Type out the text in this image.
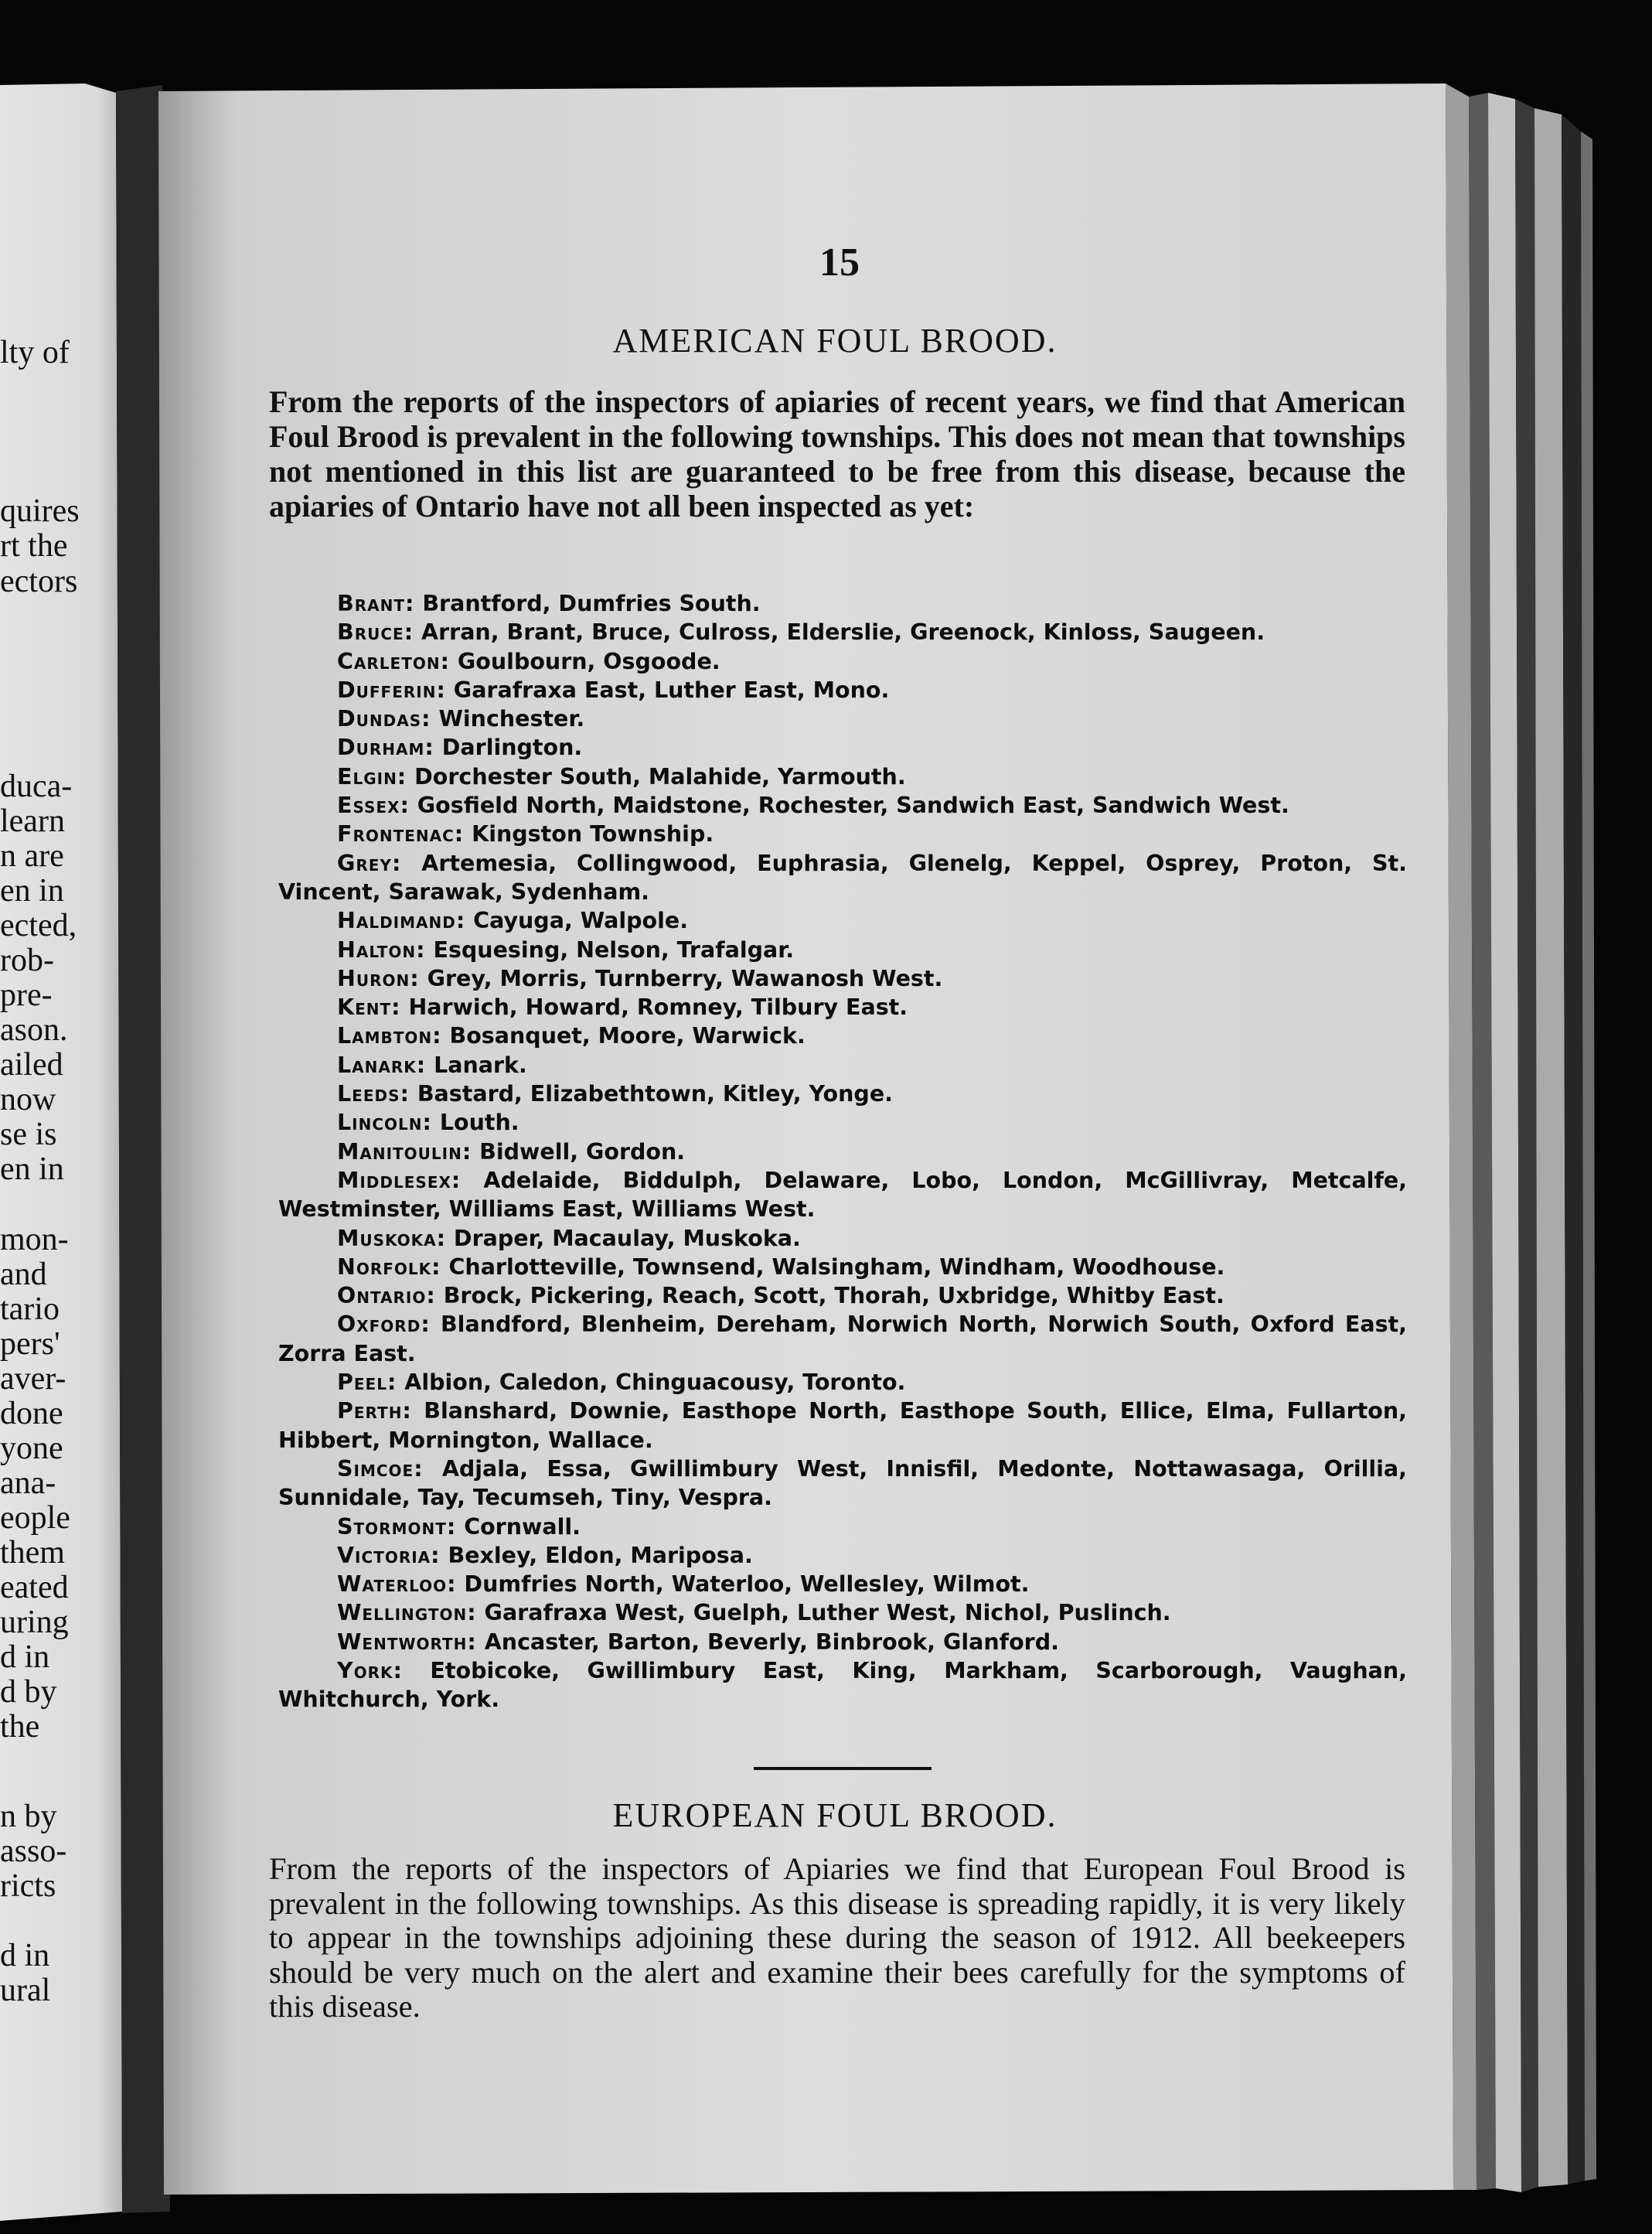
lty of
quires
rt the
ectors
duca-
learn
n are
en in
ected,
rob-
pre-
ason.
ailed
now
se is
en in
mon-
and
tario
pers'
aver-
done
yone
ana-
eople
them
eated
uring
d in
d by
the
n by
asso-
ricts
d in
ural
15
AMERICAN FOUL BROOD.
From the reports of the inspectors of apiaries of recent years, we find that American Foul Brood is prevalent in the following townships. This does not mean that townships not mentioned in this list are guaranteed to be free from this disease, because the apiaries of Ontario have not all been inspected as yet:
Brant: Brantford, Dumfries South.
Bruce: Arran, Brant, Bruce, Culross, Elderslie, Greenock, Kinloss, Saugeen.
Carleton: Goulbourn, Osgoode.
Dufferin: Garafraxa East, Luther East, Mono.
Dundas: Winchester.
Durham: Darlington.
Elgin: Dorchester South, Malahide, Yarmouth.
Essex: Gosfield North, Maidstone, Rochester, Sandwich East, Sandwich West.
Frontenac: Kingston Township.
Grey: Artemesia, Collingwood, Euphrasia, Glenelg, Keppel, Osprey, Proton, St. Vincent, Sarawak, Sydenham.
Haldimand: Cayuga, Walpole.
Halton: Esquesing, Nelson, Trafalgar.
Huron: Grey, Morris, Turnberry, Wawanosh West.
Kent: Harwich, Howard, Romney, Tilbury East.
Lambton: Bosanquet, Moore, Warwick.
Lanark: Lanark.
Leeds: Bastard, Elizabethtown, Kitley, Yonge.
Lincoln: Louth.
Manitoulin: Bidwell, Gordon.
Middlesex: Adelaide, Biddulph, Delaware, Lobo, London, McGillivray, Metcalfe, Westminster, Williams East, Williams West.
Muskoka: Draper, Macaulay, Muskoka.
Norfolk: Charlotteville, Townsend, Walsingham, Windham, Woodhouse.
Ontario: Brock, Pickering, Reach, Scott, Thorah, Uxbridge, Whitby East.
Oxford: Blandford, Blenheim, Dereham, Norwich North, Norwich South, Oxford East, Zorra East.
Peel: Albion, Caledon, Chinguacousy, Toronto.
Perth: Blanshard, Downie, Easthope North, Easthope South, Ellice, Elma, Fullarton, Hibbert, Mornington, Wallace.
Simcoe: Adjala, Essa, Gwillimbury West, Innisfil, Medonte, Nottawasaga, Orillia, Sunnidale, Tay, Tecumseh, Tiny, Vespra.
Stormont: Cornwall.
Victoria: Bexley, Eldon, Mariposa.
Waterloo: Dumfries North, Waterloo, Wellesley, Wilmot.
Wellington: Garafraxa West, Guelph, Luther West, Nichol, Puslinch.
Wentworth: Ancaster, Barton, Beverly, Binbrook, Glanford.
York: Etobicoke, Gwillimbury East, King, Markham, Scarborough, Vaughan, Whitchurch, York.
EUROPEAN FOUL BROOD.
From the reports of the inspectors of Apiaries we find that European Foul Brood is prevalent in the following townships. As this disease is spreading rapidly, it is very likely to appear in the townships adjoining these during the season of 1912. All beekeepers should be very much on the alert and examine their bees carefully for the symptoms of this disease.
